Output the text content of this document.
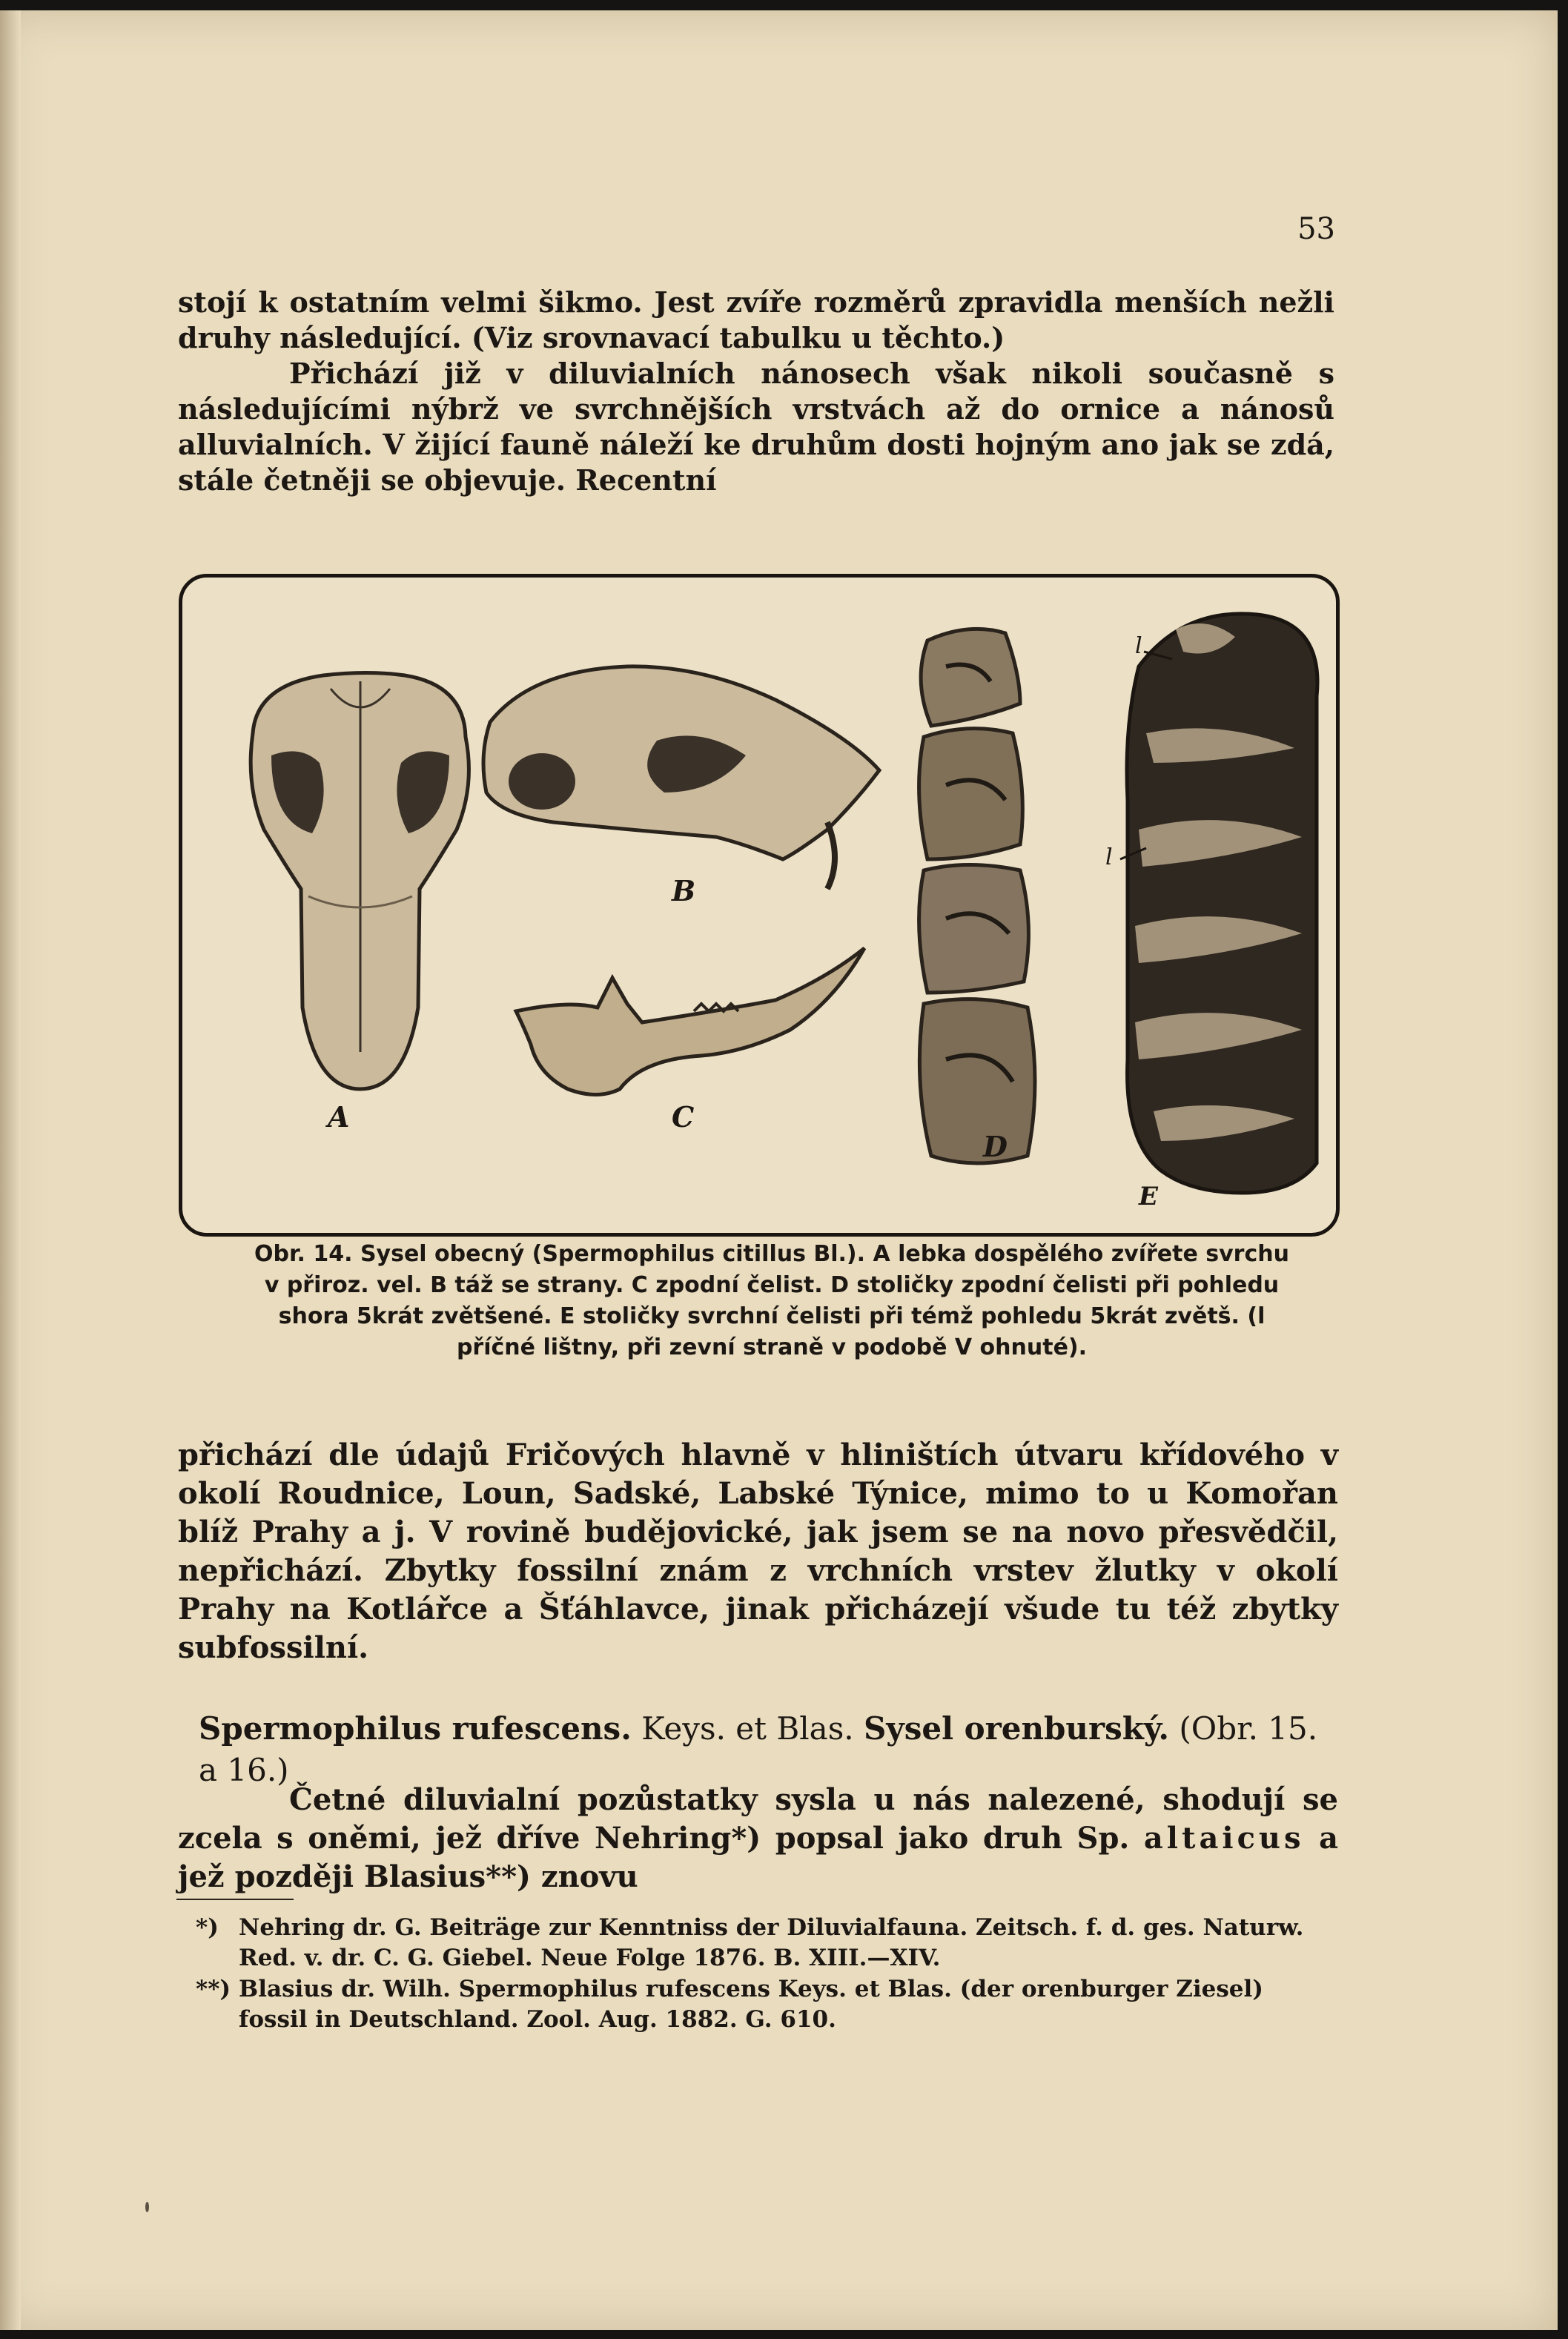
53

stojí k ostatním velmi šikmo. Jest zvíře rozměrů zpravidla menších nežli druhy následující. (Viz srovnavací tabulku u těchto.)

Přichází již v diluvialních nánosech však nikoli současně s následujícími nýbrž ve svrchnějších vrstvách až do ornice a nánosů alluvialních. V žijící fauně náleží ke druhům dosti hojným ano jak se zdá, stále četněji se objevuje. Recentní

A
B
C
D
E
l
l

Obr. 14. Sysel obecný (Spermophilus citillus Bl.). A lebka dospělého zvířete svrchu v přiroz. vel. B táž se strany. C zpodní čelist. D stoličky zpodní čelisti při pohledu shora 5krát zvětšené. E stoličky svrchní čelisti při témž pohledu 5krát zvětš. (l příčné lištny, při zevní straně v podobě V ohnuté).

přichází dle údajů Fričových hlavně v hliništích útvaru křídového v okolí Roudnice, Loun, Sadské, Labské Týnice, mimo to u Komořan blíž Prahy a j. V rovině budějovické, jak jsem se na novo přesvědčil, nepřichází. Zbytky fossilní znám z vrchních vrstev žlutky v okolí Prahy na Kotlářce a Šťáhlavce, jinak přicházejí všude tu též zbytky subfossilní.

Spermophilus rufescens. Keys. et Blas. Sysel orenburský. (Obr. 15. a 16.)

Četné diluvialní pozůstatky sysla u nás nalezené, shodují se zcela s oněmi, jež dříve Nehring*) popsal jako druh Sp. altaicus a jež později Blasius**) znovu

*) Nehring dr. G. Beiträge zur Kenntniss der Diluvialfauna. Zeitsch. f. d. ges. Naturw. Red. v. dr. C. G. Giebel. Neue Folge 1876. B. XIII.—XIV.

**) Blasius dr. Wilh. Spermophilus rufescens Keys. et Blas. (der orenburger Ziesel) fossil in Deutschland. Zool. Aug. 1882. G. 610.
